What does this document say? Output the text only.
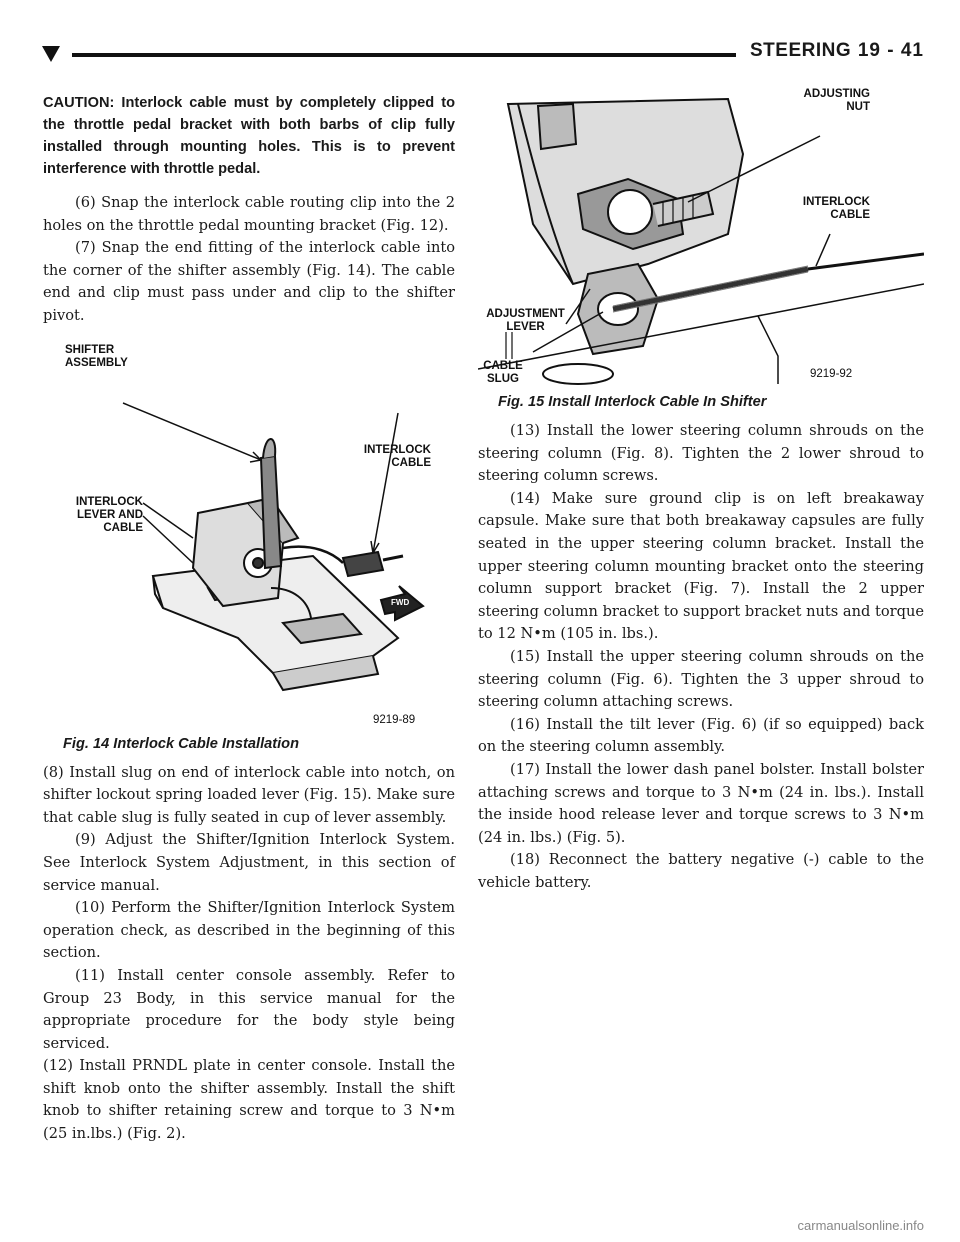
STEERING 19 - 41
CAUTION: Interlock cable must by completely clipped to the throttle pedal bracket with both barbs of clip fully installed through mounting holes. This is to prevent interference with throttle pedal.

(6) Snap the interlock cable routing clip into the 2 holes on the throttle pedal mounting bracket (Fig. 12).

(7) Snap the end fitting of the interlock cable into the corner of the shifter assembly (Fig. 14). The cable end and clip must pass under and clip to the shifter pivot.

SHIFTER
ASSEMBLY
INTERLOCK
CABLE
INTERLOCK
LEVER AND
CABLE
FWD
9219-89
Fig. 14 Interlock Cable Installation

(8) Install slug on end of interlock cable into notch, on shifter lockout spring loaded lever (Fig. 15). Make sure that cable slug is fully seated in cup of lever assembly.

(9) Adjust the Shifter/Ignition Interlock System. See Interlock System Adjustment, in this section of service manual.

(10) Perform the Shifter/Ignition Interlock System operation check, as described in the beginning of this section.

(11) Install center console assembly. Refer to Group 23 Body, in this service manual for the appropriate procedure for the body style being serviced.

(12) Install PRNDL plate in center console. Install the shift knob onto the shifter assembly. Install the shift knob to shifter retaining screw and torque to 3 N•m (25 in.lbs.) (Fig. 2).

ADJUSTING
NUT
INTERLOCK
CABLE
ADJUSTMENT
LEVER
CABLE
SLUG	9219-92
Fig. 15 Install Interlock Cable In Shifter

(13) Install the lower steering column shrouds on the steering column (Fig. 8). Tighten the 2 lower shroud to steering column screws.

(14) Make sure ground clip is on left breakaway capsule. Make sure that both breakaway capsules are fully seated in the upper steering column bracket. Install the upper steering column mounting bracket onto the steering column support bracket (Fig. 7). Install the 2 upper steering column bracket to support bracket nuts and torque to 12 N•m (105 in. lbs.).

(15) Install the upper steering column shrouds on the steering column (Fig. 6). Tighten the 3 upper shroud to steering column attaching screws.

(16) Install the tilt lever (Fig. 6) (if so equipped) back on the steering column assembly.

(17) Install the lower dash panel bolster. Install bolster attaching screws and torque to 3 N•m (24 in. lbs.). Install the inside hood release lever and torque screws to 3 N•m (24 in. lbs.) (Fig. 5).

(18) Reconnect the battery negative (-) cable to the vehicle battery.

carmanualsonline.info
